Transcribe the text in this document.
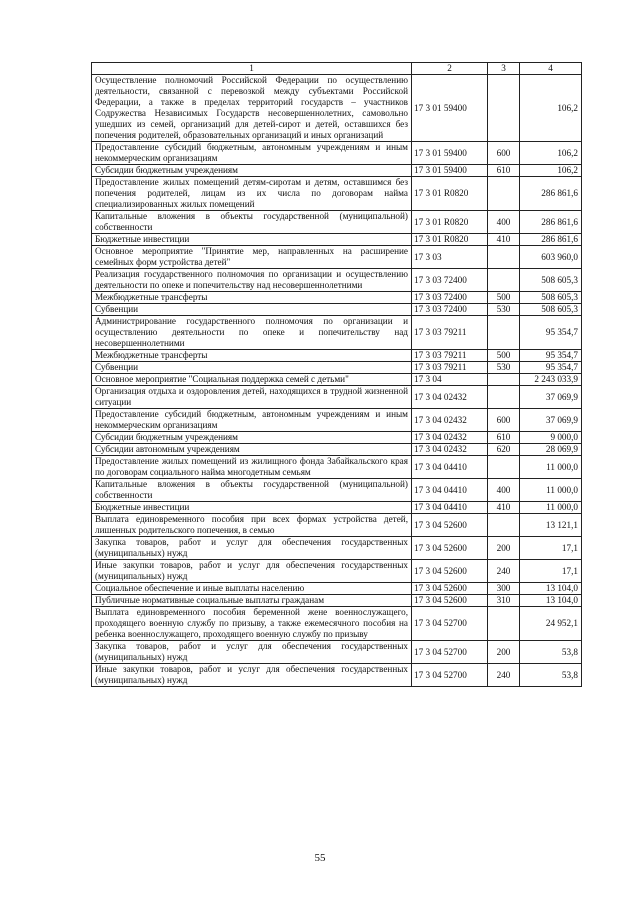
1	2	3	4
Осуществление полномочий Российской Федерации по осуществлению деятельности, связанной с перевозкой между субъектами Российской Федерации, а также в пределах территорий государств – участников Содружества Независимых Государств несовершеннолетних, самовольно ушедших из семей, организаций для детей-сирот и детей, оставшихся без попечения родителей, образовательных организаций и иных организаций	17 3 01 59400		106,2
Предоставление субсидий бюджетным, автономным учреждениям и иным некоммерческим организациям	17 3 01 59400	600	106,2
Субсидии бюджетным учреждениям	17 3 01 59400	610	106,2
Предоставление жилых помещений детям-сиротам и детям, оставшимся без попечения родителей, лицам из их числа по договорам найма специализированных жилых помещений	17 3 01 R0820		286 861,6
Капитальные вложения в объекты государственной (муниципальной) собственности	17 3 01 R0820	400	286 861,6
Бюджетные инвестиции	17 3 01 R0820	410	286 861,6
Основное мероприятие "Принятие мер, направленных на расширение семейных форм устройства детей"	17 3 03		603 960,0
Реализация государственного полномочия по организации и осуществлению деятельности по опеке и попечительству над несовершеннолетними	17 3 03 72400		508 605,3
Межбюджетные трансферты	17 3 03 72400	500	508 605,3
Субвенции	17 3 03 72400	530	508 605,3
Администрирование государственного полномочия по организации и осуществлению деятельности по опеке и попечительству над несовершеннолетними	17 3 03 79211		95 354,7
Межбюджетные трансферты	17 3 03 79211	500	95 354,7
Субвенции	17 3 03 79211	530	95 354,7
Основное мероприятие "Социальная поддержка семей с детьми"	17 3 04		2 243 033,9
Организация отдыха и оздоровления детей, находящихся в трудной жизненной ситуации	17 3 04 02432		37 069,9
Предоставление субсидий бюджетным, автономным учреждениям и иным некоммерческим организациям	17 3 04 02432	600	37 069,9
Субсидии бюджетным учреждениям	17 3 04 02432	610	9 000,0
Субсидии автономным учреждениям	17 3 04 02432	620	28 069,9
Предоставление жилых помещений из жилищного фонда Забайкальского края по договорам социального найма многодетным семьям	17 3 04 04410		11 000,0
Капитальные вложения в объекты государственной (муниципальной) собственности	17 3 04 04410	400	11 000,0
Бюджетные инвестиции	17 3 04 04410	410	11 000,0
Выплата единовременного пособия при всех формах устройства детей, лишенных родительского попечения, в семью	17 3 04 52600		13 121,1
Закупка товаров, работ и услуг для обеспечения государственных (муниципальных) нужд	17 3 04 52600	200	17,1
Иные закупки товаров, работ и услуг для обеспечения государственных (муниципальных) нужд	17 3 04 52600	240	17,1
Социальное обеспечение и иные выплаты населению	17 3 04 52600	300	13 104,0
Публичные нормативные социальные выплаты гражданам	17 3 04 52600	310	13 104,0
Выплата единовременного пособия беременной жене военнослужащего, проходящего военную службу по призыву, а также ежемесячного пособия на ребенка военнослужащего, проходящего военную службу по призыву	17 3 04 52700		24 952,1
Закупка товаров, работ и услуг для обеспечения государственных (муниципальных) нужд	17 3 04 52700	200	53,8
Иные закупки товаров, работ и услуг для обеспечения государственных (муниципальных) нужд	17 3 04 52700	240	53,8
55
